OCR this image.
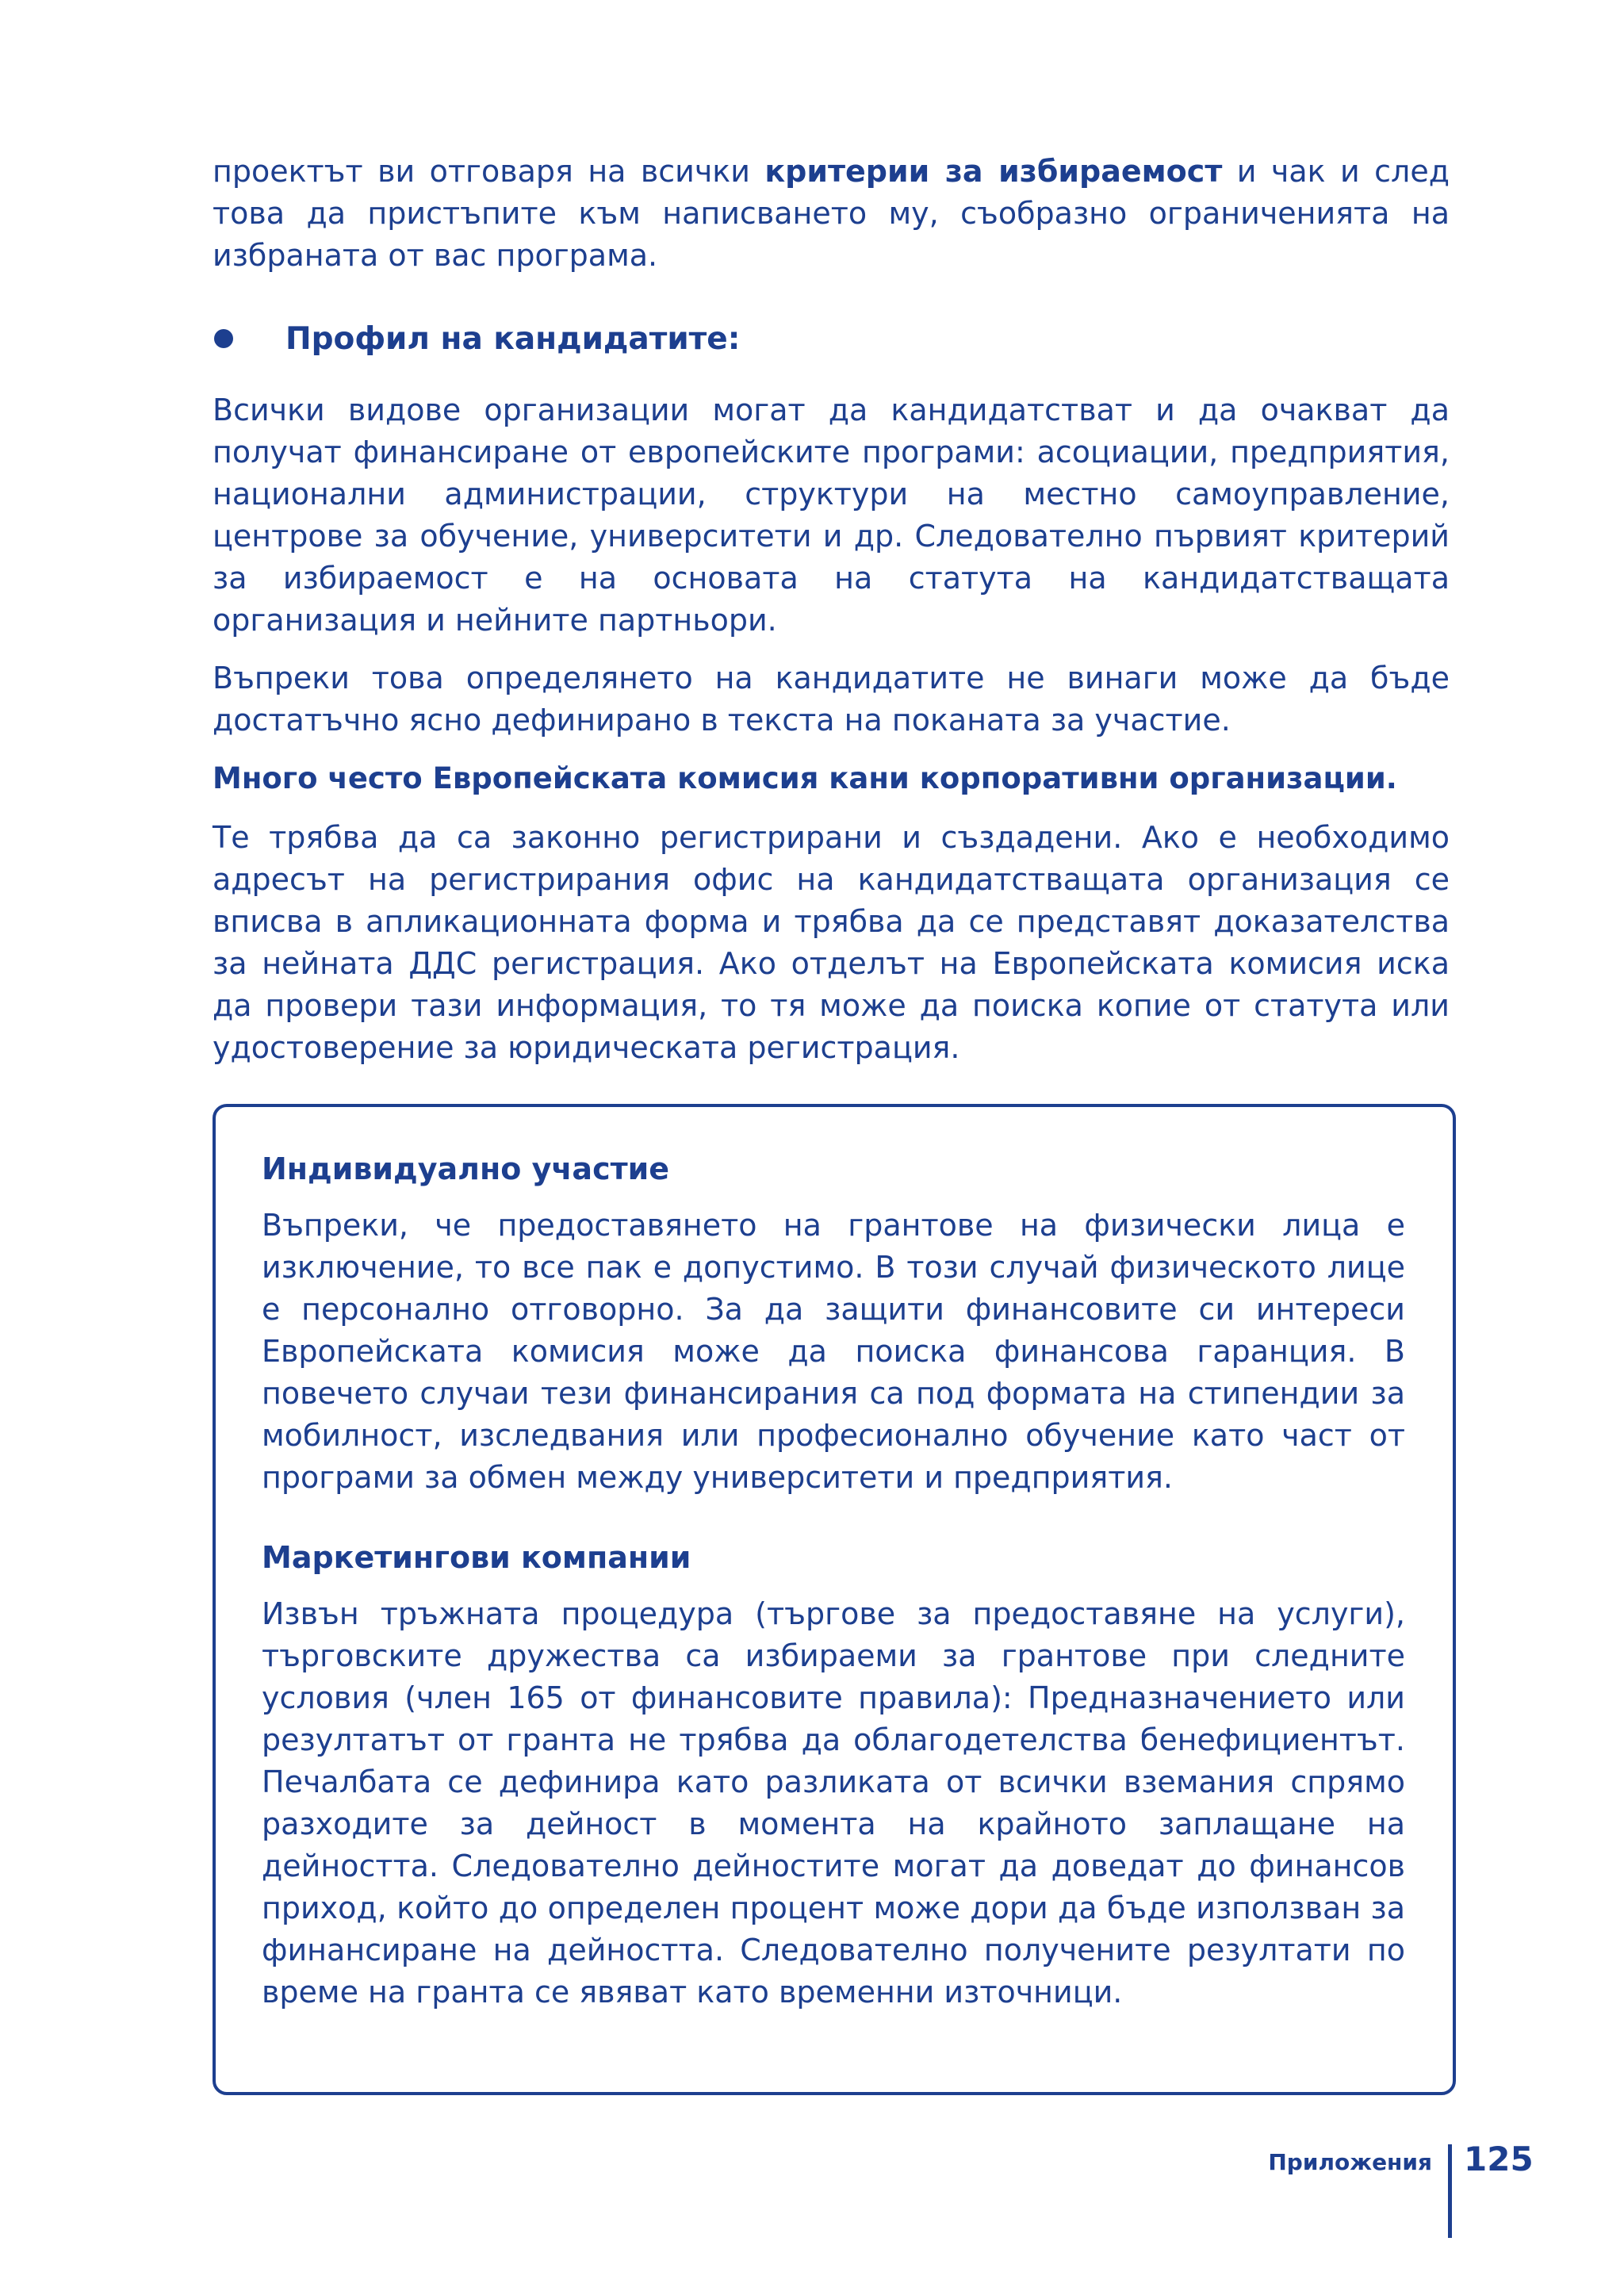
проектът ви отговаря на всички критерии за избираемост и чак и след това да пристъпите към написването му, съобразно ограниченията на избраната от вас програма.

Профил на кандидатите:

Всички видове организации могат да кандидатстват и да очакват да получат финансиране от европейските програми: асоциации, предприятия, национални администрации, структури на местно самоуправление, центрове за обучение, университети и др. Следователно първият критерий за избираемост е на основата на статута на кандидатстващата организация и нейните партньори.

Въпреки това определянето на кандидатите не винаги може да бъде достатъчно ясно дефинирано в текста на поканата за участие.

Много често Европейската комисия кани корпоративни организации.

Те трябва да са законно регистрирани и създадени. Ако е необходимо адресът на регистрирания офис на кандидатстващата организация се вписва в апликационната форма и трябва да се представят доказателства за нейната ДДС регистрация. Ако отделът на Европейската комисия иска да провери тази информация, то тя може да поиска копие от статута или удостоверение за юридическата регистрация.

Индивидуално участие

Въпреки, че предоставянето на грантове на физически лица е изключение, то все пак е допустимо. В този случай физическото лице е персонално отговорно. За да защити финансовите си интереси Европейската комисия може да поиска финансова гаранция. В повечето случаи тези финансирания са под формата на стипендии за мобилност, изследвания или професионално обучение като част от програми за обмен между университети и предприятия.

Маркетингови компании

Извън тръжната процедура (търгове за предоставяне на услуги), търговските дружества са избираеми за грантове при следните условия (член 165 от финансовите правила): Предназначението или резултатът от гранта не трябва да облагодетелства бенефициентът. Печалбата се дефинира като разликата от всички вземания спрямо разходите за дейност в момента на крайното заплащане на дейността. Следователно дейностите могат да доведат до финансов приход, който до определен процент може дори да бъде използван за финансиране на дейността. Следователно получените резултати по време на гранта се явяват като временни източници.

Приложения 125
